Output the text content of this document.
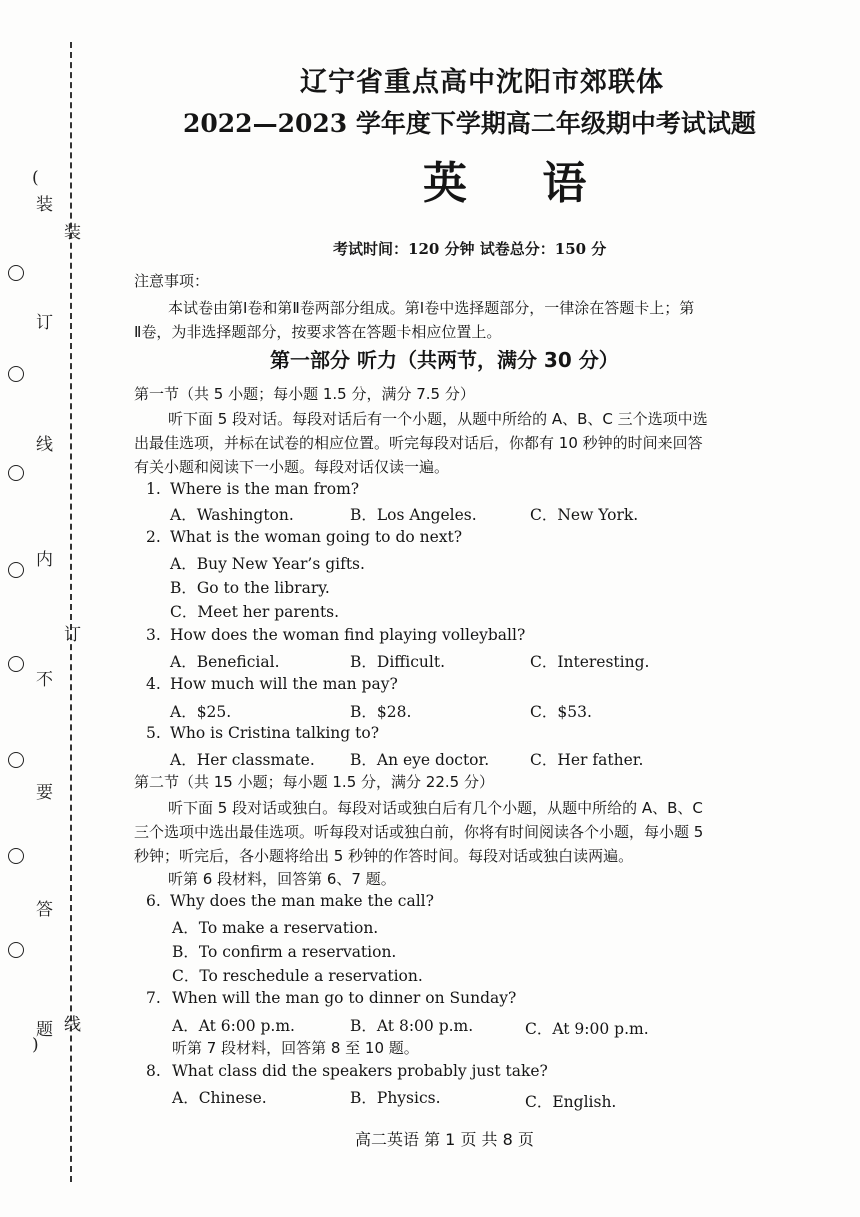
(
装
订
线
内
不
要
答
题
)
装
订
线
辽宁省重点高中沈阳市郊联体
2022—2023 学年度下学期高二年级期中考试试题
英 语
考试时间：120 分钟 试卷总分：150 分
注意事项：
本试卷由第Ⅰ卷和第Ⅱ卷两部分组成。第Ⅰ卷中选择题部分，一律涂在答题卡上；第
Ⅱ卷，为非选择题部分，按要求答在答题卡相应位置上。
第一部分 听力（共两节，满分 30 分）
第一节（共 5 小题；每小题 1.5 分，满分 7.5 分）
听下面 5 段对话。每段对话后有一个小题，从题中所给的 A、B、C 三个选项中选
出最佳选项，并标在试卷的相应位置。听完每段对话后，你都有 10 秒钟的时间来回答
有关小题和阅读下一小题。每段对话仅读一遍。
1. Where is the man from?
A．Washington.	B．Los Angeles.	C．New York.
2. What is the woman going to do next?
A．Buy New Year’s gifts.
B．Go to the library.
C．Meet her parents.
3. How does the woman find playing volleyball?
A．Beneficial.	B．Difficult.	C．Interesting.
4. How much will the man pay?
A．$25.	B．$28.	C．$53.
5. Who is Cristina talking to?
A．Her classmate. B．An eye doctor.	C．Her father.
第二节（共 15 小题；每小题 1.5 分，满分 22.5 分）
听下面 5 段对话或独白。每段对话或独白后有几个小题，从题中所给的 A、B、C
三个选项中选出最佳选项。听每段对话或独白前，你将有时间阅读各个小题，每小题 5
秒钟；听完后，各小题将给出 5 秒钟的作答时间。每段对话或独白读两遍。
听第 6 段材料，回答第 6、7 题。
6. Why does the man make the call?
A．To make a reservation.
B．To confirm a reservation.
C．To reschedule a reservation.
7. When will the man go to dinner on Sunday?
A．At 6:00 p.m.	B．At 8:00 p.m.	C．At 9:00 p.m.
听第 7 段材料，回答第 8 至 10 题。
8. What class did the speakers probably just take?
A．Chinese.	B．Physics.	C．English.
高二英语 第 1 页 共 8 页
